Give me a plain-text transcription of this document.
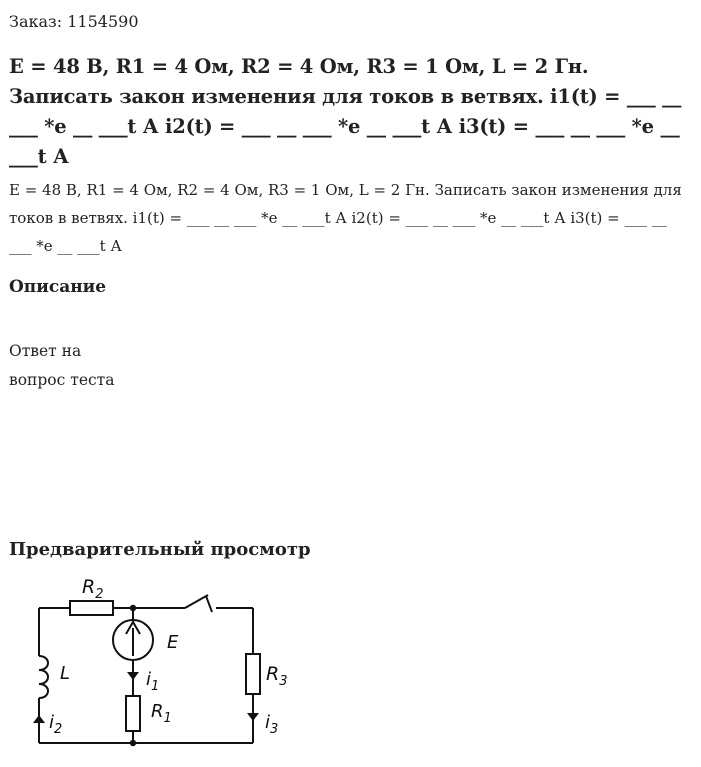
Заказ: 1154590
E = 48 В, R1 = 4 Ом, R2 = 4 Ом, R3 = 1 Ом, L = 2 Гн. Записать закон изменения для токов в ветвях. i1(t) = ___ __ ___ *e __ ___t А i2(t) = ___ __ ___ *e __ ___t А i3(t) = ___ __ ___ *e __ ___t А

E = 48 В, R1 = 4 Ом, R2 = 4 Ом, R3 = 1 Ом, L = 2 Гн. Записать закон изменения для токов в ветвях. i1(t) = ___ __ ___ *e __ ___t А i2(t) = ___ __ ___ *e __ ___t А i3(t) = ___ __ ___ *e __ ___t А

Описание

Ответ на
вопрос теста

Предварительный просмотр
$R_2$
E
L	$i_1$
$R_1$
$R_3$
$i_2$	$i_3$
